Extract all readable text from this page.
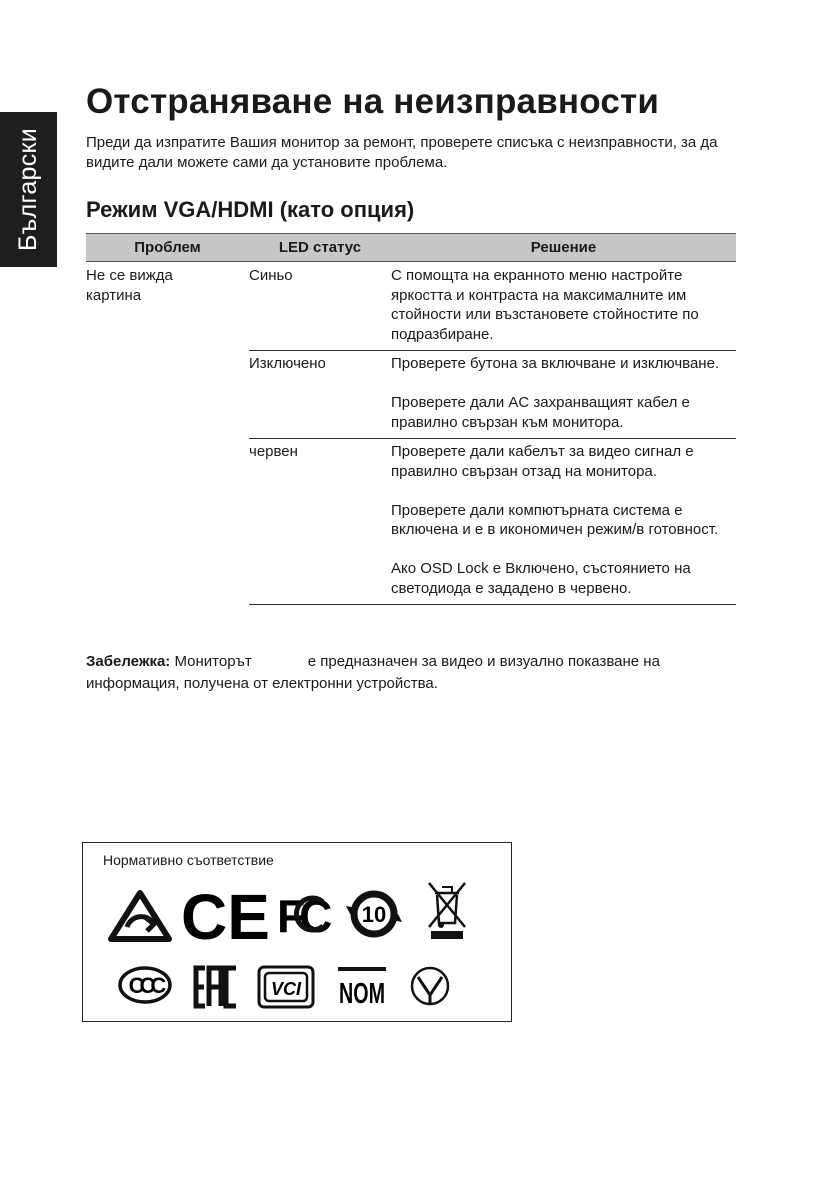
Български
Отстраняване на неизправности

Преди да изпратите Вашия монитор за ремонт, проверете списъка с неизправности, за да видите дали можете сами да установите проблема.

Режим VGA/HDMI (като опция)
Проблем	LED статус	Решение
Не се вижда картина	Синьо	С помощта на екранното меню настройте яркостта и контраста на максималните им стойности или възстановете стойностите по подразбиране.

	Изключено	Проверете бутона за включване и изключване.

Проверете дали AC захранващият кабел е правилно свързан към монитора.

	червен	Проверете дали кабелът за видео сигнал е правилно свързан отзад на монитора.

Проверете дали компютърната система е включена и е в икономичен режим/в готовност.

Ако OSD Lock е Включено, състоянието на светодиода е зададено в червено.

Забележка: Мониторът	е предназначен за видео и визуално показване на информация, получена от електронни устройства.

Нормативно съответствие
CE FC 10
CCC
EAC
VCI NOM
